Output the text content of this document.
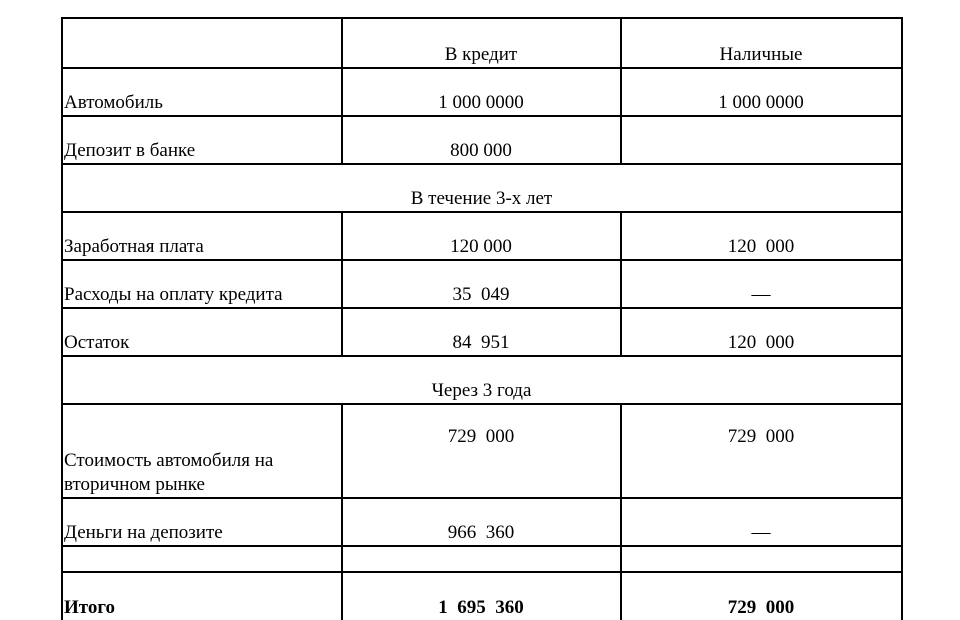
	В кредит	Наличные
Автомобиль	1 000 0000	1 000 0000
Депозит в банке	800 000	
В течение 3-х лет		
Заработная плата	120 000	120  000
Расходы на оплату кредита	35  049	—
Остаток	84  951	120  000
Через 3 года		
Стоимость автомобиля на вторичном рынке	729  000	729  000
Деньги на депозите	966  360	—

Итого	1  695  360	729  000
